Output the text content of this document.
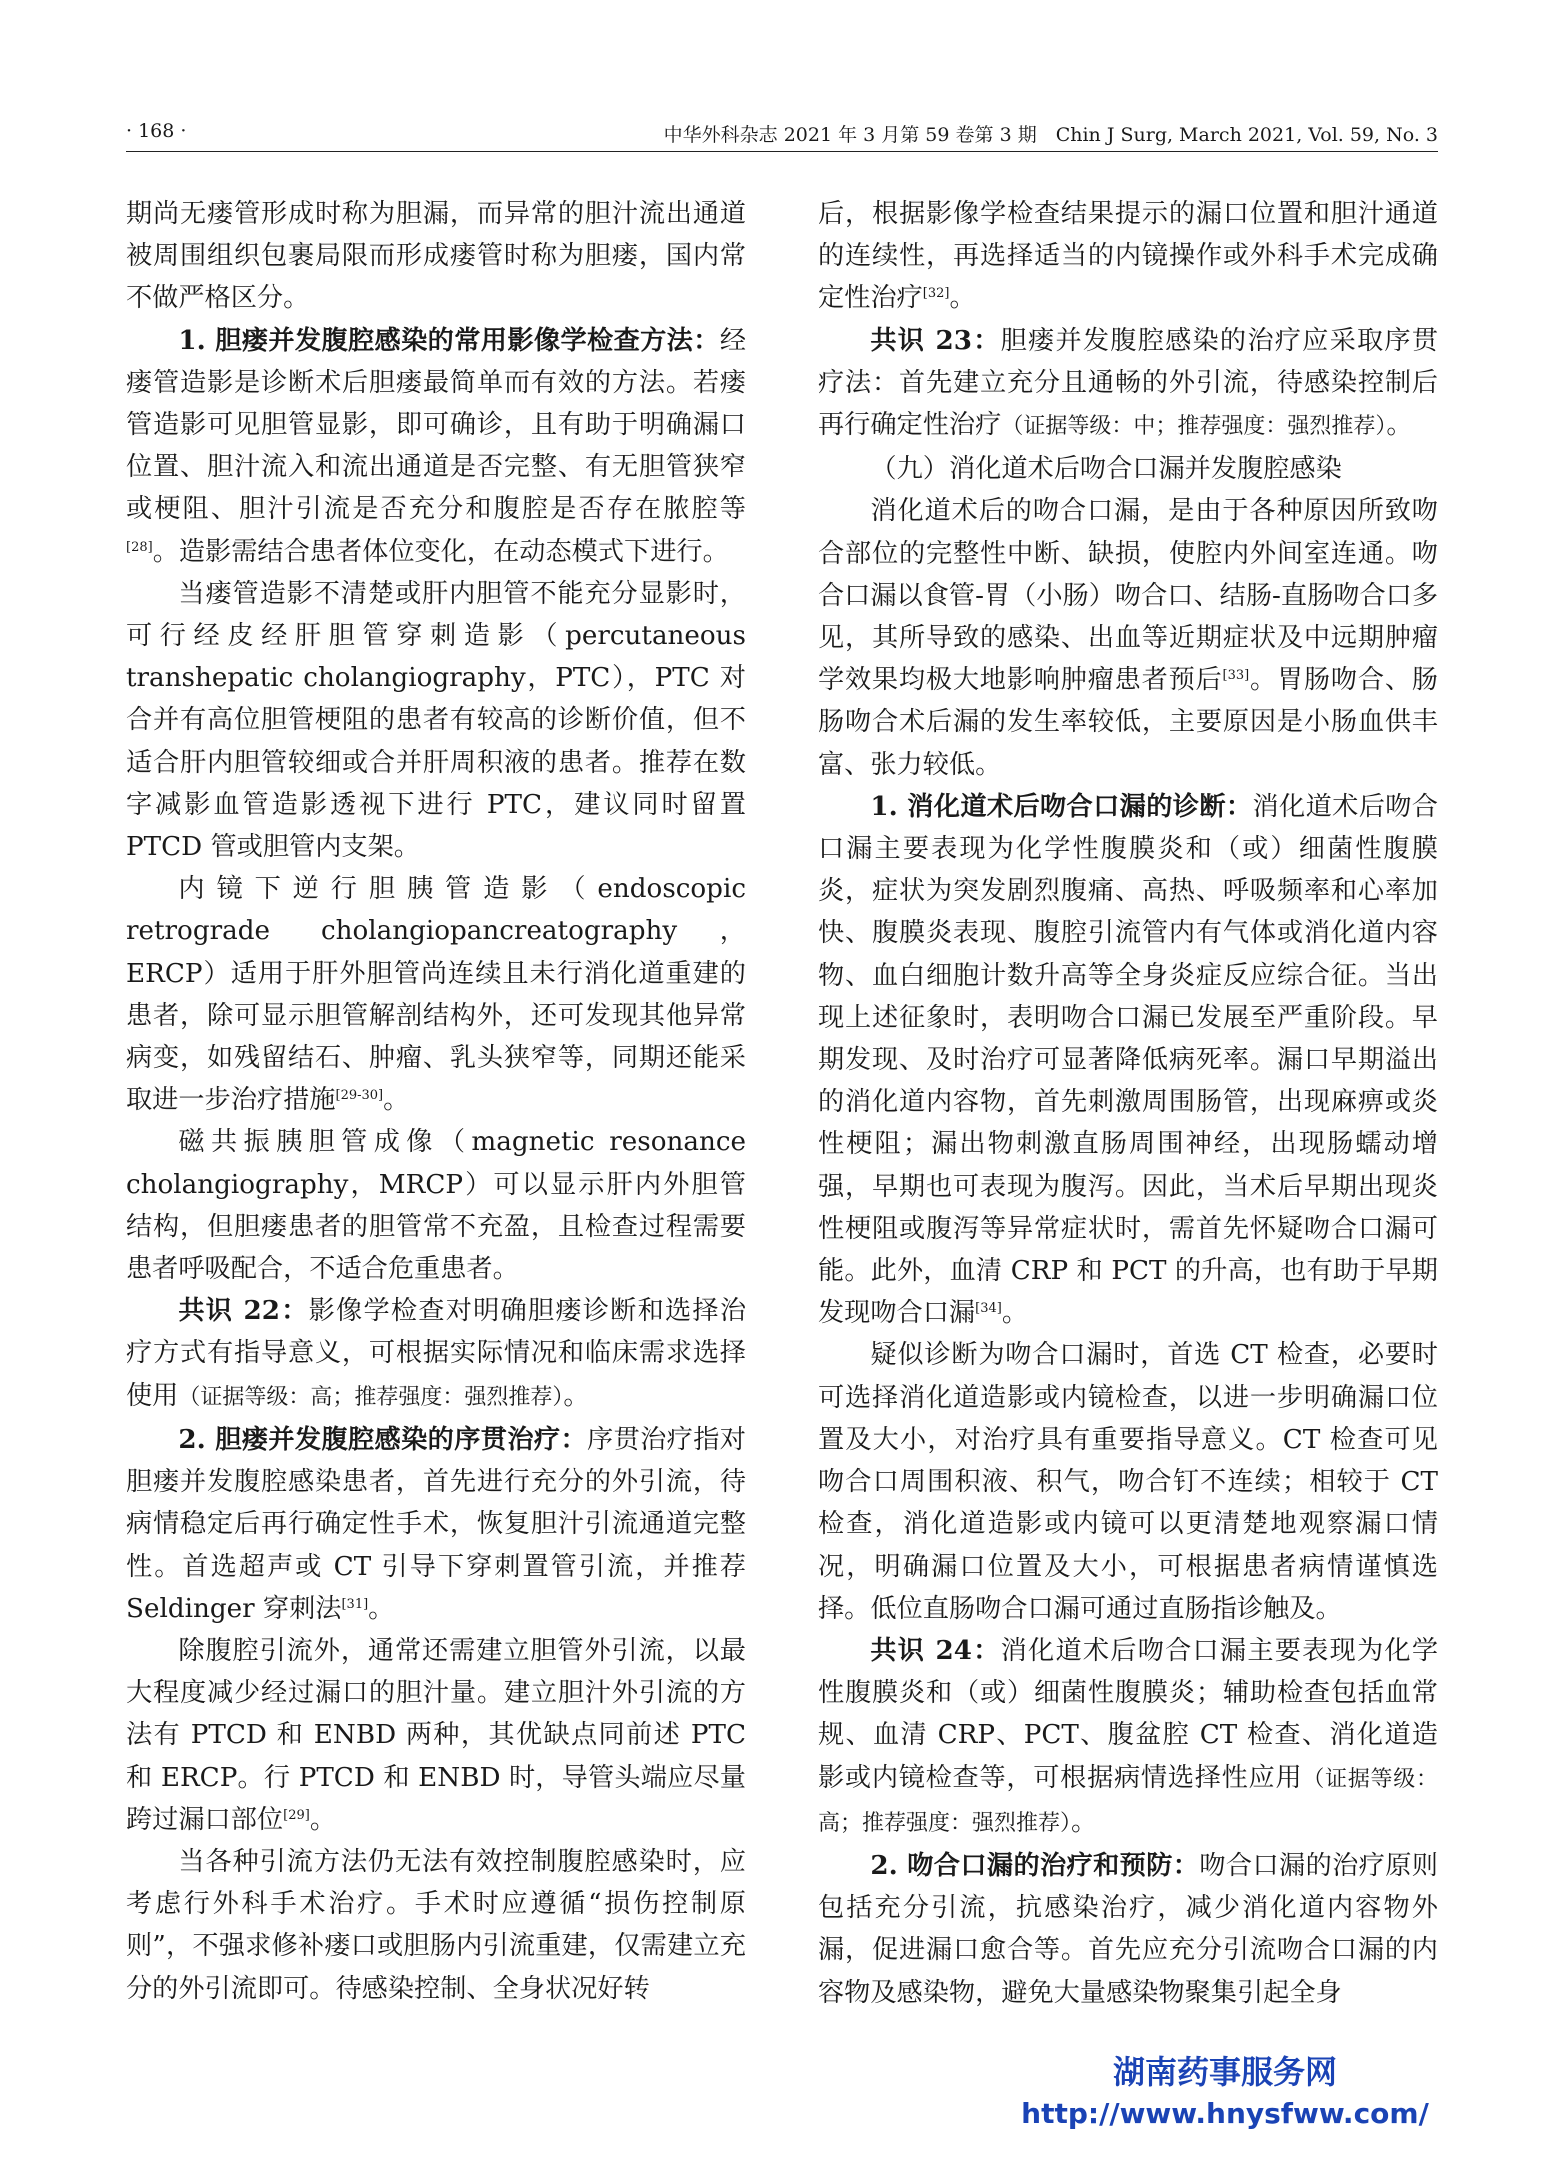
· 168 ·	中华外科杂志 2021 年 3 月第 59 卷第 3 期　Chin J Surg, March 2021, Vol. 59, No. 3

期尚无瘘管形成时称为胆漏，而异常的胆汁流出通道被周围组织包裹局限而形成瘘管时称为胆瘘，国内常不做严格区分。

1. 胆瘘并发腹腔感染的常用影像学检查方法：经瘘管造影是诊断术后胆瘘最简单而有效的方法。若瘘管造影可见胆管显影，即可确诊，且有助于明确漏口位置、胆汁流入和流出通道是否完整、有无胆管狭窄或梗阻、胆汁引流是否充分和腹腔是否存在脓腔等[28]。造影需结合患者体位变化，在动态模式下进行。

当瘘管造影不清楚或肝内胆管不能充分显影时，可行经皮经肝胆管穿刺造影（percutaneous transhepatic cholangiography，PTC），PTC 对合并有高位胆管梗阻的患者有较高的诊断价值，但不适合肝内胆管较细或合并肝周积液的患者。推荐在数字减影血管造影透视下进行 PTC，建议同时留置 PTCD 管或胆管内支架。

内镜下逆行胆胰管造影（endoscopic retrograde cholangiopancreatography，ERCP）适用于肝外胆管尚连续且未行消化道重建的患者，除可显示胆管解剖结构外，还可发现其他异常病变，如残留结石、肿瘤、乳头狭窄等，同期还能采取进一步治疗措施[29-30]。

磁共振胰胆管成像（magnetic resonance cholangiography，MRCP）可以显示肝内外胆管结构，但胆瘘患者的胆管常不充盈，且检查过程需要患者呼吸配合，不适合危重患者。

共识 22：影像学检查对明确胆瘘诊断和选择治疗方式有指导意义，可根据实际情况和临床需求选择使用（证据等级：高；推荐强度：强烈推荐）。

2. 胆瘘并发腹腔感染的序贯治疗：序贯治疗指对胆瘘并发腹腔感染患者，首先进行充分的外引流，待病情稳定后再行确定性手术，恢复胆汁引流通道完整性。首选超声或 CT 引导下穿刺置管引流，并推荐 Seldinger 穿刺法[31]。

除腹腔引流外，通常还需建立胆管外引流，以最大程度减少经过漏口的胆汁量。建立胆汁外引流的方法有 PTCD 和 ENBD 两种，其优缺点同前述 PTC 和 ERCP。行 PTCD 和 ENBD 时，导管头端应尽量跨过漏口部位[29]。

当各种引流方法仍无法有效控制腹腔感染时，应考虑行外科手术治疗。手术时应遵循“损伤控制原则”，不强求修补瘘口或胆肠内引流重建，仅需建立充分的外引流即可。待感染控制、全身状况好转

后，根据影像学检查结果提示的漏口位置和胆汁通道的连续性，再选择适当的内镜操作或外科手术完成确定性治疗[32]。

共识 23：胆瘘并发腹腔感染的治疗应采取序贯疗法：首先建立充分且通畅的外引流，待感染控制后再行确定性治疗（证据等级：中；推荐强度：强烈推荐）。

（九）消化道术后吻合口漏并发腹腔感染

消化道术后的吻合口漏，是由于各种原因所致吻合部位的完整性中断、缺损，使腔内外间室连通。吻合口漏以食管-胃（小肠）吻合口、结肠-直肠吻合口多见，其所导致的感染、出血等近期症状及中远期肿瘤学效果均极大地影响肿瘤患者预后[33]。胃肠吻合、肠肠吻合术后漏的发生率较低，主要原因是小肠血供丰富、张力较低。

1. 消化道术后吻合口漏的诊断：消化道术后吻合口漏主要表现为化学性腹膜炎和（或）细菌性腹膜炎，症状为突发剧烈腹痛、高热、呼吸频率和心率加快、腹膜炎表现、腹腔引流管内有气体或消化道内容物、血白细胞计数升高等全身炎症反应综合征。当出现上述征象时，表明吻合口漏已发展至严重阶段。早期发现、及时治疗可显著降低病死率。漏口早期溢出的消化道内容物，首先刺激周围肠管，出现麻痹或炎性梗阻；漏出物刺激直肠周围神经，出现肠蠕动增强，早期也可表现为腹泻。因此，当术后早期出现炎性梗阻或腹泻等异常症状时，需首先怀疑吻合口漏可能。此外，血清 CRP 和 PCT 的升高，也有助于早期发现吻合口漏[34]。

疑似诊断为吻合口漏时，首选 CT 检查，必要时可选择消化道造影或内镜检查，以进一步明确漏口位置及大小，对治疗具有重要指导意义。CT 检查可见吻合口周围积液、积气，吻合钉不连续；相较于 CT 检查，消化道造影或内镜可以更清楚地观察漏口情况，明确漏口位置及大小，可根据患者病情谨慎选择。低位直肠吻合口漏可通过直肠指诊触及。

共识 24：消化道术后吻合口漏主要表现为化学性腹膜炎和（或）细菌性腹膜炎；辅助检查包括血常规、血清 CRP、PCT、腹盆腔 CT 检查、消化道造影或内镜检查等，可根据病情选择性应用（证据等级：高；推荐强度：强烈推荐）。

2. 吻合口漏的治疗和预防：吻合口漏的治疗原则包括充分引流，抗感染治疗，减少消化道内容物外漏，促进漏口愈合等。首先应充分引流吻合口漏的内容物及感染物，避免大量感染物聚集引起全身

湖南药事服务网
http://www.hnysfww.com/
